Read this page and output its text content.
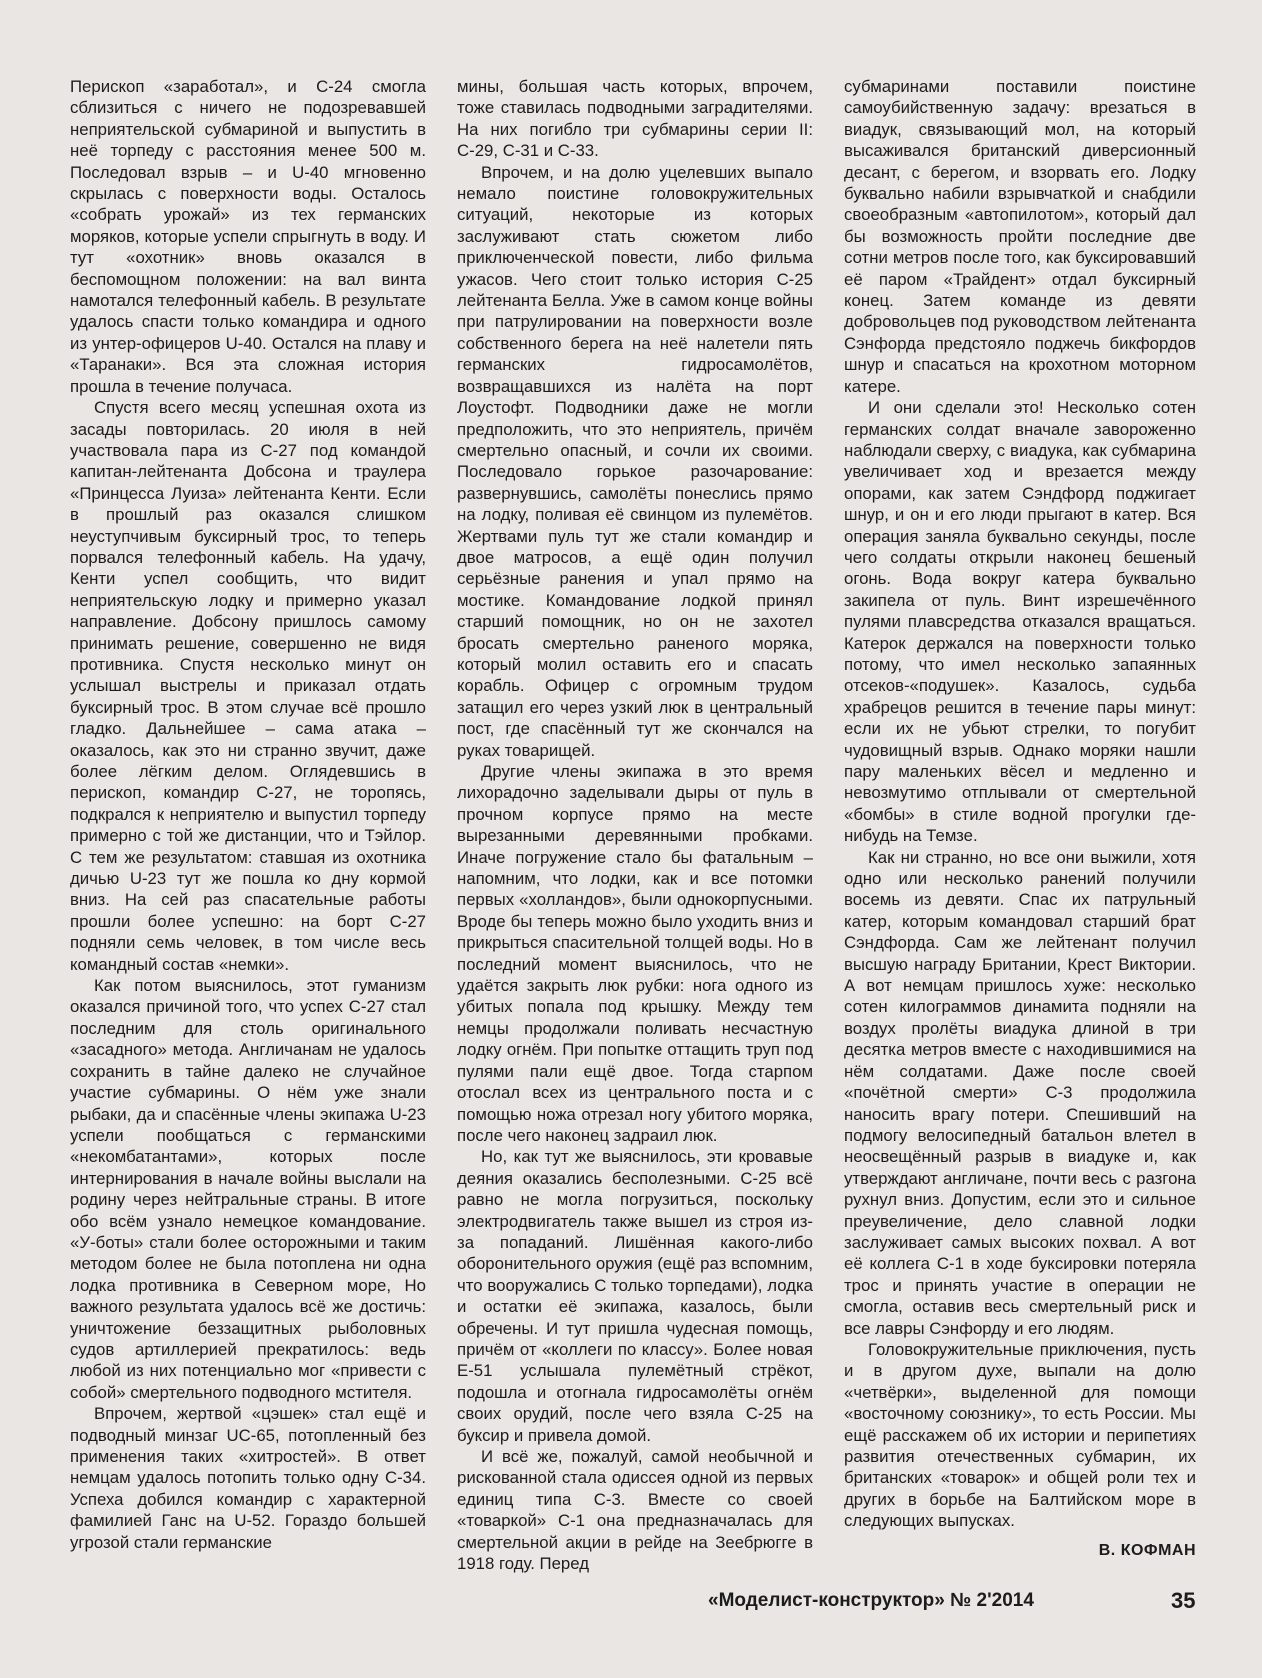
Перископ «заработал», и С-24 смогла сблизиться с ничего не подозревавшей неприятельской субмариной и выпустить в неё торпеду с расстояния менее 500 м. Последовал взрыв – и U-40 мгновенно скрылась с поверхности воды. Осталось «собрать урожай» из тех германских моряков, которые успели спрыгнуть в воду. И тут «охотник» вновь оказался в беспомощном положении: на вал винта намотался телефонный кабель. В результате удалось спасти только командира и одного из унтер-офицеров U-40. Остался на плаву и «Таранаки». Вся эта сложная история прошла в течение получаса.

Спустя всего месяц успешная охота из засады повторилась. 20 июля в ней участвовала пара из С-27 под командой капитан-лейтенанта Добсона и траулера «Принцесса Луиза» лейтенанта Кенти. Если в прошлый раз оказался слишком неуступчивым буксирный трос, то теперь порвался телефонный кабель. На удачу, Кенти успел сообщить, что видит неприятельскую лодку и примерно указал направление. Добсону пришлось самому принимать решение, совершенно не видя противника. Спустя несколько минут он услышал выстрелы и приказал отдать буксирный трос. В этом случае всё прошло гладко. Дальнейшее – сама атака – оказалось, как это ни странно звучит, даже более лёгким делом. Оглядевшись в перископ, командир С-27, не торопясь, подкрался к неприятелю и выпустил торпеду примерно с той же дистанции, что и Тэйлор. С тем же результатом: ставшая из охотника дичью U-23 тут же пошла ко дну кормой вниз. На сей раз спасательные работы прошли более успешно: на борт С-27 подняли семь человек, в том числе весь командный состав «немки».

Как потом выяснилось, этот гуманизм оказался причиной того, что успех С-27 стал последним для столь оригинального «засадного» метода. Англичанам не удалось сохранить в тайне далеко не случайное участие субмарины. О нём уже знали рыбаки, да и спасённые члены экипажа U-23 успели пообщаться с германскими «некомбатантами», которых после интернирования в начале войны выслали на родину через нейтральные страны. В итоге обо всём узнало немецкое командование. «У-боты» стали более осторожными и таким методом более не была потоплена ни одна лодка противника в Северном море, Но важного результата удалось всё же достичь: уничтожение беззащитных рыболовных судов артиллерией прекратилось: ведь любой из них потенциально мог «привести с собой» смертельного подводного мстителя.

Впрочем, жертвой «цэшек» стал ещё и подводный минзаг UC-65, потопленный без применения таких «хитростей». В ответ немцам удалось потопить только одну С-34. Успеха добился командир с характерной фамилией Ганс на U-52. Гораздо большей угрозой стали германские

мины, большая часть которых, впрочем, тоже ставилась подводными заградителями. На них погибло три субмарины серии II: С-29, С-31 и С-33.

Впрочем, и на долю уцелевших выпало немало поистине головокружительных ситуаций, некоторые из которых заслуживают стать сюжетом либо приключенческой повести, либо фильма ужасов. Чего стоит только история С-25 лейтенанта Белла. Уже в самом конце войны при патрулировании на поверхности возле собственного берега на неё налетели пять германских гидросамолётов, возвращавшихся из налёта на порт Лоустофт. Подводники даже не могли предположить, что это неприятель, причём смертельно опасный, и сочли их своими. Последовало горькое разочарование: развернувшись, самолёты понеслись прямо на лодку, поливая её свинцом из пулемётов. Жертвами пуль тут же стали командир и двое матросов, а ещё один получил серьёзные ранения и упал прямо на мостике. Командование лодкой принял старший помощник, но он не захотел бросать смертельно раненого моряка, который молил оставить его и спасать корабль. Офицер с огромным трудом затащил его через узкий люк в центральный пост, где спасённый тут же скончался на руках товарищей.

Другие члены экипажа в это время лихорадочно заделывали дыры от пуль в прочном корпусе прямо на месте вырезанными деревянными пробками. Иначе погружение стало бы фатальным – напомним, что лодки, как и все потомки первых «холландов», были однокорпусными. Вроде бы теперь можно было уходить вниз и прикрыться спасительной толщей воды. Но в последний момент выяснилось, что не удаётся закрыть люк рубки: нога одного из убитых попала под крышку. Между тем немцы продолжали поливать несчастную лодку огнём. При попытке оттащить труп под пулями пали ещё двое. Тогда старпом отослал всех из центрального поста и с помощью ножа отрезал ногу убитого моряка, после чего наконец задраил люк.

Но, как тут же выяснилось, эти кровавые деяния оказались бесполезными. С-25 всё равно не могла погрузиться, поскольку электродвигатель также вышел из строя из-за попаданий. Лишённая какого-либо оборонительного оружия (ещё раз вспомним, что вооружались С только торпедами), лодка и остатки её экипажа, казалось, были обречены. И тут пришла чудесная помощь, причём от «коллеги по классу». Более новая Е-51 услышала пулемётный стрёкот, подошла и отогнала гидросамолёты огнём своих орудий, после чего взяла С-25 на буксир и привела домой.

И всё же, пожалуй, самой необычной и рискованной стала одиссея одной из первых единиц типа С-3. Вместе со своей «товаркой» С-1 она предназначалась для смертельной акции в рейде на Зеебрюгге в 1918 году. Перед

субмаринами поставили поистине самоубийственную задачу: врезаться в виадук, связывающий мол, на который высаживался британский диверсионный десант, с берегом, и взорвать его. Лодку буквально набили взрывчаткой и снабдили своеобразным «автопилотом», который дал бы возможность пройти последние две сотни метров после того, как буксировавший её паром «Трайдент» отдал буксирный конец. Затем команде из девяти добровольцев под руководством лейтенанта Сэнфорда предстояло поджечь бикфордов шнур и спасаться на крохотном моторном катере.

И они сделали это! Несколько сотен германских солдат вначале завороженно наблюдали сверху, с виадука, как субмарина увеличивает ход и врезается между опорами, как затем Сэндфорд поджигает шнур, и он и его люди прыгают в катер. Вся операция заняла буквально секунды, после чего солдаты открыли наконец бешеный огонь. Вода вокруг катера буквально закипела от пуль. Винт изрешечённого пулями плавсредства отказался вращаться. Катерок держался на поверхности только потому, что имел несколько запаянных отсеков-«подушек». Казалось, судьба храбрецов решится в течение пары минут: если их не убьют стрелки, то погубит чудовищный взрыв. Однако моряки нашли пару маленьких вёсел и медленно и невозмутимо отплывали от смертельной «бомбы» в стиле водной прогулки где-нибудь на Темзе.

Как ни странно, но все они выжили, хотя одно или несколько ранений получили восемь из девяти. Спас их патрульный катер, которым командовал старший брат Сэндфорда. Сам же лейтенант получил высшую награду Британии, Крест Виктории. А вот немцам пришлось хуже: несколько сотен килограммов динамита подняли на воздух пролёты виадука длиной в три десятка метров вместе с находившимися на нём солдатами. Даже после своей «почётной смерти» С-3 продолжила наносить врагу потери. Спешивший на подмогу велосипедный батальон влетел в неосвещённый разрыв в виадуке и, как утверждают англичане, почти весь с разгона рухнул вниз. Допустим, если это и сильное преувеличение, дело славной лодки заслуживает самых высоких похвал. А вот её коллега С-1 в ходе буксировки потеряла трос и принять участие в операции не смогла, оставив весь смертельный риск и все лавры Сэнфорду и его людям.

Головокружительные приключения, пусть и в другом духе, выпали на долю «четвёрки», выделенной для помощи «восточному союзнику», то есть России. Мы ещё расскажем об их истории и перипетиях развития отечественных субмарин, их британских «товарок» и общей роли тех и других в борьбе на Балтийском море в следующих выпусках.

В. КОФМАН
«Моделист-конструктор» № 2'2014	35
